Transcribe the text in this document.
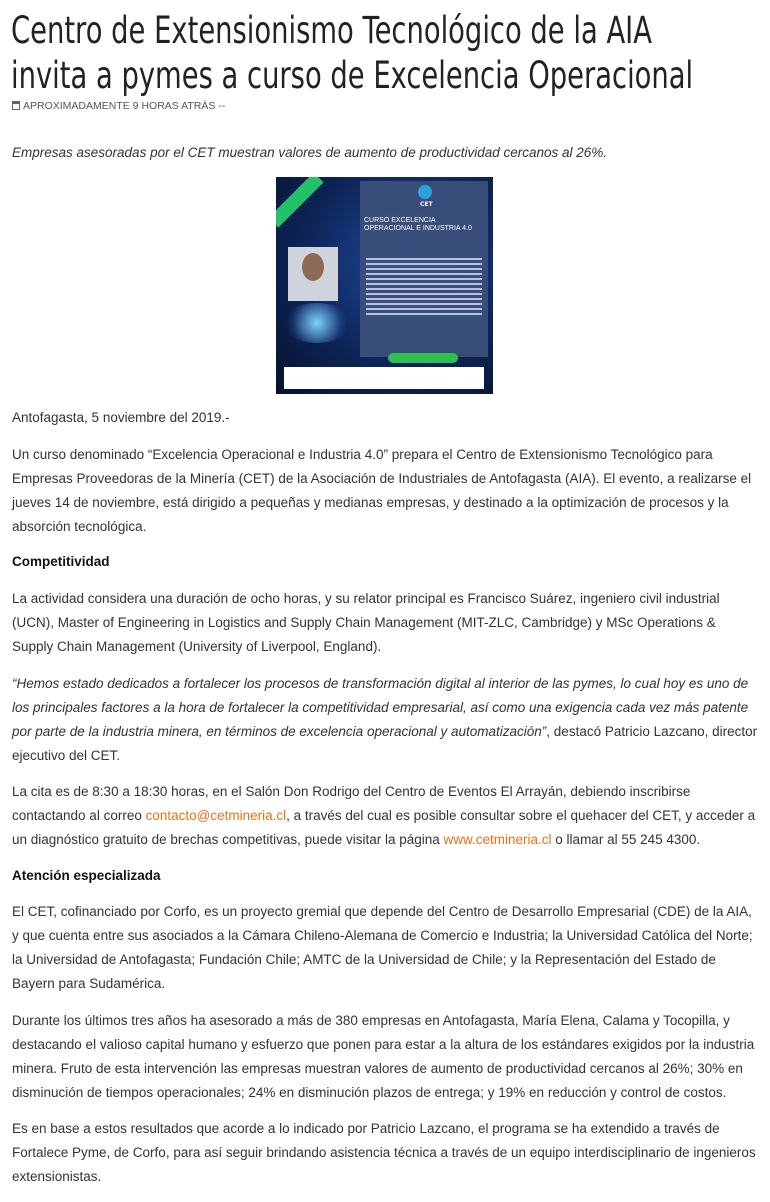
Centro de Extensionismo Tecnológico de la AIA
invita a pymes a curso de Excelencia Operacional
APROXIMADAMENTE 9 HORAS ATRÁS --

Empresas asesoradas por el CET muestran valores de aumento de productividad cercanos al 26%.

CET
CURSO EXCELENCIA OPERACIONAL E INDUSTRIA 4.0

Antofagasta, 5 noviembre del 2019.-

Un curso denominado “Excelencia Operacional e Industria 4.0” prepara el Centro de Extensionismo Tecnológico para Empresas Proveedoras de la Minería (CET) de la Asociación de Industriales de Antofagasta (AIA). El evento, a realizarse el jueves 14 de noviembre, está dirigido a pequeñas y medianas empresas, y destinado a la optimización de procesos y la absorción tecnológica.

Competitividad

La actividad considera una duración de ocho horas, y su relator principal es Francisco Suárez, ingeniero civil industrial (UCN), Master of Engineering in Logistics and Supply Chain Management (MIT-ZLC, Cambridge) y MSc Operations & Supply Chain Management (University of Liverpool, England).

“Hemos estado dedicados a fortalecer los procesos de transformación digital al interior de las pymes, lo cual hoy es uno de los principales factores a la hora de fortalecer la competitividad empresarial, así como una exigencia cada vez más patente por parte de la industria minera, en términos de excelencia operacional y automatización”, destacó Patricio Lazcano, director ejecutivo del CET.

La cita es de 8:30 a 18:30 horas, en el Salón Don Rodrigo del Centro de Eventos El Arrayán, debiendo inscribirse contactando al correo contacto@cetmineria.cl, a través del cual es posible consultar sobre el quehacer del CET, y acceder a un diagnóstico gratuito de brechas competitivas, puede visitar la página www.cetmineria.cl o llamar al 55 245 4300.

Atención especializada

El CET, cofinanciado por Corfo, es un proyecto gremial que depende del Centro de Desarrollo Empresarial (CDE) de la AIA, y que cuenta entre sus asociados a la Cámara Chileno-Alemana de Comercio e Industria; la Universidad Católica del Norte; la Universidad de Antofagasta; Fundación Chile; AMTC de la Universidad de Chile; y la Representación del Estado de Bayern para Sudamérica.

Durante los últimos tres años ha asesorado a más de 380 empresas en Antofagasta, María Elena, Calama y Tocopilla, y destacando el valioso capital humano y esfuerzo que ponen para estar a la altura de los estándares exigidos por la industria minera. Fruto de esta intervención las empresas muestran valores de aumento de productividad cercanos al 26%; 30% en disminución de tiempos operacionales; 24% en disminución plazos de entrega; y 19% en reducción y control de costos.

Es en base a estos resultados que acorde a lo indicado por Patricio Lazcano, el programa se ha extendido a través de Fortalece Pyme, de Corfo, para así seguir brindando asistencia técnica a través de un equipo interdisciplinario de ingenieros extensionistas.
